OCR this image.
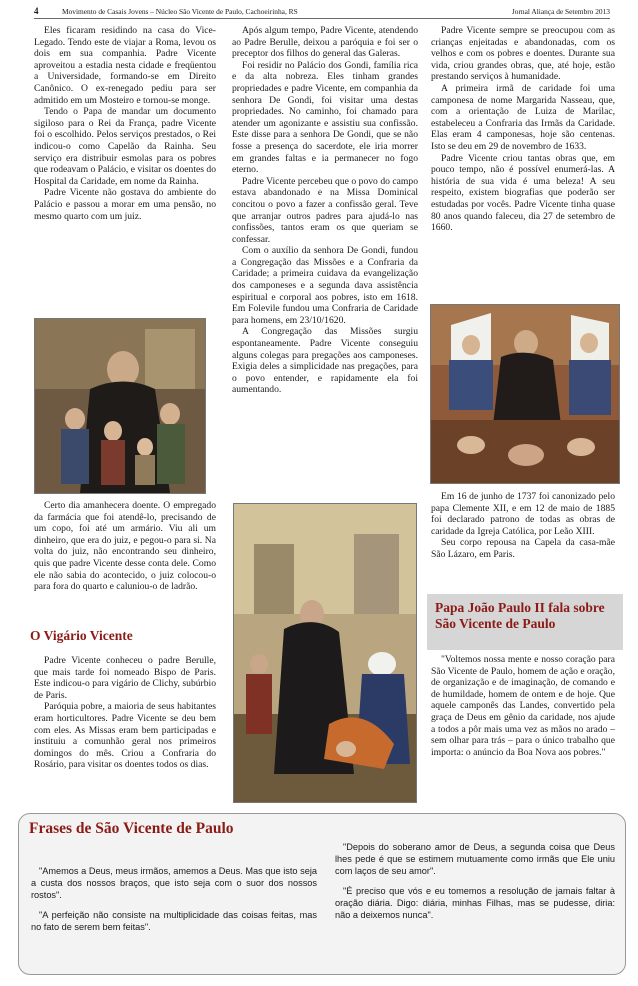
4	Movimento de Casais Jovens – Núcleo São Vicente de Paulo, Cachoeirinha, RS	Jornal Aliança de Setembro 2013

Eles ficaram residindo na casa do Vice-Legado. Tendo este de viajar a Roma, levou os dois em sua companhia. Padre Vicente aproveitou a estadia nesta cidade e freqüentou a Universidade, formando-se em Direito Canônico. O ex-renegado pediu para ser admitido em um Mosteiro e tornou-se monge.

Tendo o Papa de mandar um documento sigiloso para o Rei da França, padre Vicente foi o escolhido. Pelos serviços prestados, o Rei indicou-o como Capelão da Rainha. Seu serviço era distribuir esmolas para os pobres que rodeavam o Palácio, e visitar os doentes do Hospital da Caridade, em nome da Rainha.

Padre Vicente não gostava do ambiente do Palácio e passou a morar em uma pensão, no mesmo quarto com um juiz.

Certo dia amanhecera doente. O empregado da farmácia que foi atendê-lo, precisando de um copo, foi até um armário. Viu ali um dinheiro, que era do juiz, e pegou-o para si. Na volta do juiz, não encontrando seu dinheiro, quis que padre Vicente desse conta dele. Como ele não sabia do acontecido, o juiz colocou-o para fora do quarto e caluniou-o de ladrão.

O Vigário Vicente

Padre Vicente conheceu o padre Berulle, que mais tarde foi nomeado Bispo de Paris. Este indicou-o para vigário de Clichy, subúrbio de Paris.

Paróquia pobre, a maioria de seus habitantes eram horticultores. Padre Vicente se deu bem com eles. As Missas eram bem participadas e instituiu a comunhão geral nos primeiros domingos do mês. Criou a Confraria do Rosário, para visitar os doentes todos os dias.

Após algum tempo, Padre Vicente, atendendo ao Padre Berulle, deixou a paróquia e foi ser o preceptor dos filhos do general das Galeras.

Foi residir no Palácio dos Gondi, família rica e da alta nobreza. Eles tinham grandes propriedades e padre Vicente, em companhia da senhora De Gondi, foi visitar uma destas propriedades. No caminho, foi chamado para atender um agonizante e assistiu sua confissão. Este disse para a senhora De Gondi, que se não fosse a presença do sacerdote, ele iria morrer em grandes faltas e ia permanecer no fogo eterno.

Padre Vicente percebeu que o povo do campo estava abandonado e na Missa Dominical concitou o povo a fazer a confissão geral. Teve que arranjar outros padres para ajudá-lo nas confissões, tantos eram os que queriam se confessar.

Com o auxílio da senhora De Gondi, fundou a Congregação das Missões e a Confraria da Caridade; a primeira cuidava da evangelização dos camponeses e a segunda dava assistência espiritual e corporal aos pobres, isto em 1618. Em Folevile fundou uma Confraria de Caridade para homens, em 23/10/1620.

A Congregação das Missões surgiu espontaneamente. Padre Vicente conseguiu alguns colegas para pregações aos camponeses. Exigia deles a simplicidade nas pregações, para o povo entender, e rapidamente ela foi aumentando.

Padre Vicente sempre se preocupou com as crianças enjeitadas e abandonadas, com os velhos e com os pobres e doentes. Durante sua vida, criou grandes obras, que, até hoje, estão prestando serviços à humanidade.

A primeira irmã de caridade foi uma camponesa de nome Margarida Nasseau, que, com a orientação de Luiza de Marilac, estabeleceu a Confraria das Irmãs da Caridade. Elas eram 4 camponesas, hoje são centenas. Isto se deu em 29 de novembro de 1633.

Padre Vicente criou tantas obras que, em pouco tempo, não é possível enumerá-las. A história de sua vida é uma beleza! A seu respeito, existem biografias que poderão ser estudadas por vocês. Padre Vicente tinha quase 80 anos quando faleceu, dia 27 de setembro de 1660.

Em 16 de junho de 1737 foi canonizado pelo papa Clemente XII, e em 12 de maio de 1885 foi declarado patrono de todas as obras de caridade da Igreja Católica, por Leão XIII.

Seu corpo repousa na Capela da casa-mãe São Lázaro, em Paris.

Papa João Paulo II fala sobre São Vicente de Paulo

"Voltemos nossa mente e nosso coração para São Vicente de Paulo, homem de ação e oração, de organização e de imaginação, de comando e de humildade, homem de ontem e de hoje. Que aquele camponês das Landes, convertido pela graça de Deus em gênio da caridade, nos ajude a todos a pôr mais uma vez as mãos no arado – sem olhar para trás – para o único trabalho que importa: o anúncio da Boa Nova aos pobres."

Frases de São Vicente de Paulo

"Amemos a Deus, meus irmãos, amemos a Deus. Mas que isto seja a custa dos nossos braços, que isto seja com o suor dos nossos rostos".

"A perfeição não consiste na multiplicidade das coisas feitas, mas no fato de serem bem feitas".

"Depois do soberano amor de Deus, a segunda coisa que Deus lhes pede é que se estimem mutuamente como irmãs que Ele uniu com laços de seu amor".

"É preciso que vós e eu tomemos a resolução de jamais faltar à oração diária. Digo: diária, minhas Filhas, mas se pudesse, diria: não a deixemos nunca".
